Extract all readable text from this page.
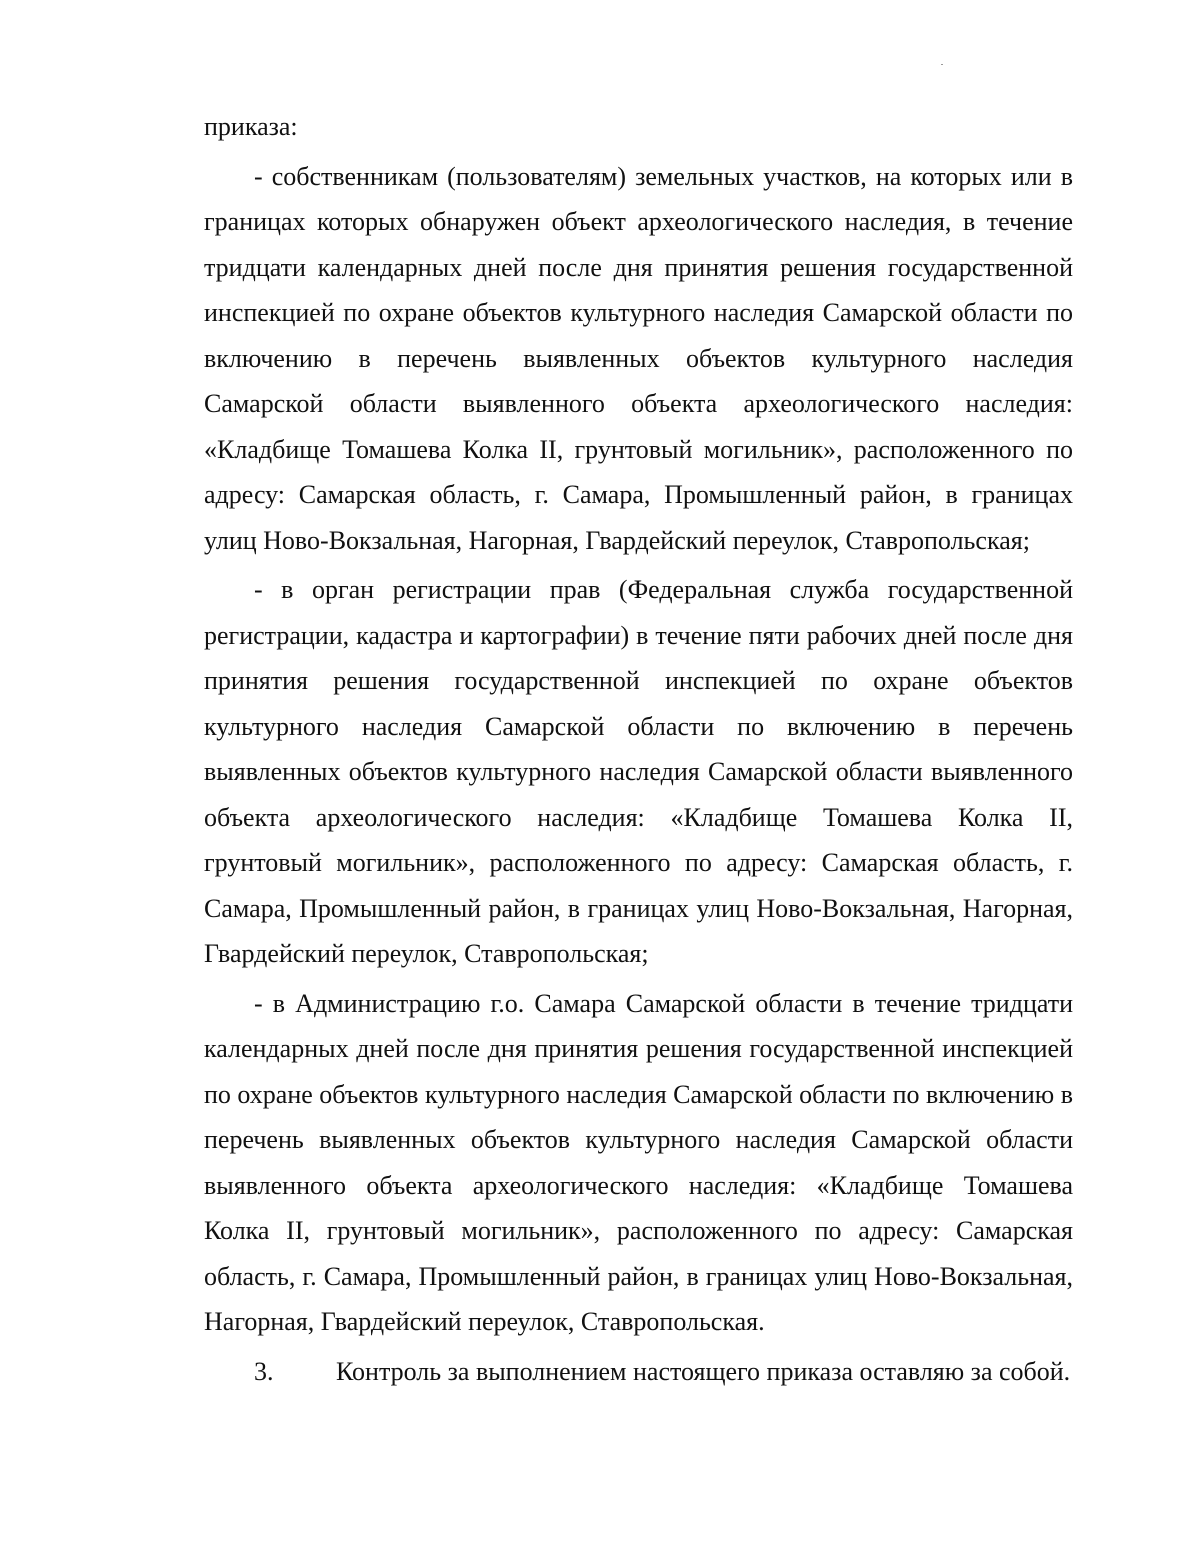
приказа:

- собственникам (пользователям) земельных участков, на которых или в границах которых обнаружен объект археологического наследия, в течение тридцати календарных дней после дня принятия решения государственной инспекцией по охране объектов культурного наследия Самарской области по включению в перечень выявленных объектов культурного наследия Самарской области выявленного объекта археологического наследия: «Кладбище Томашева Колка II, грунтовый могильник», расположенного по адресу: Самарская область, г. Самара, Промышленный район, в границах улиц Ново-Вокзальная, Нагорная, Гвардейский переулок, Ставропольская;

- в орган регистрации прав (Федеральная служба государственной регистрации, кадастра и картографии) в течение пяти рабочих дней после дня принятия решения государственной инспекцией по охране объектов культурного наследия Самарской области по включению в перечень выявленных объектов культурного наследия Самарской области выявленного объекта археологического наследия: «Кладбище Томашева Колка II, грунтовый могильник», расположенного по адресу: Самарская область, г. Самара, Промышленный район, в границах улиц Ново-Вокзальная, Нагорная, Гвардейский переулок, Ставропольская;

- в Администрацию г.о. Самара Самарской области в течение тридцати календарных дней после дня принятия решения государственной инспекцией по охране объектов культурного наследия Самарской области по включению в перечень выявленных объектов культурного наследия Самарской области выявленного объекта археологического наследия: «Кладбище Томашева Колка II, грунтовый могильник», расположенного по адресу: Самарская область, г. Самара, Промышленный район, в границах улиц Ново-Вокзальная, Нагорная, Гвардейский переулок, Ставропольская.

3. Контроль за выполнением настоящего приказа оставляю за собой.
